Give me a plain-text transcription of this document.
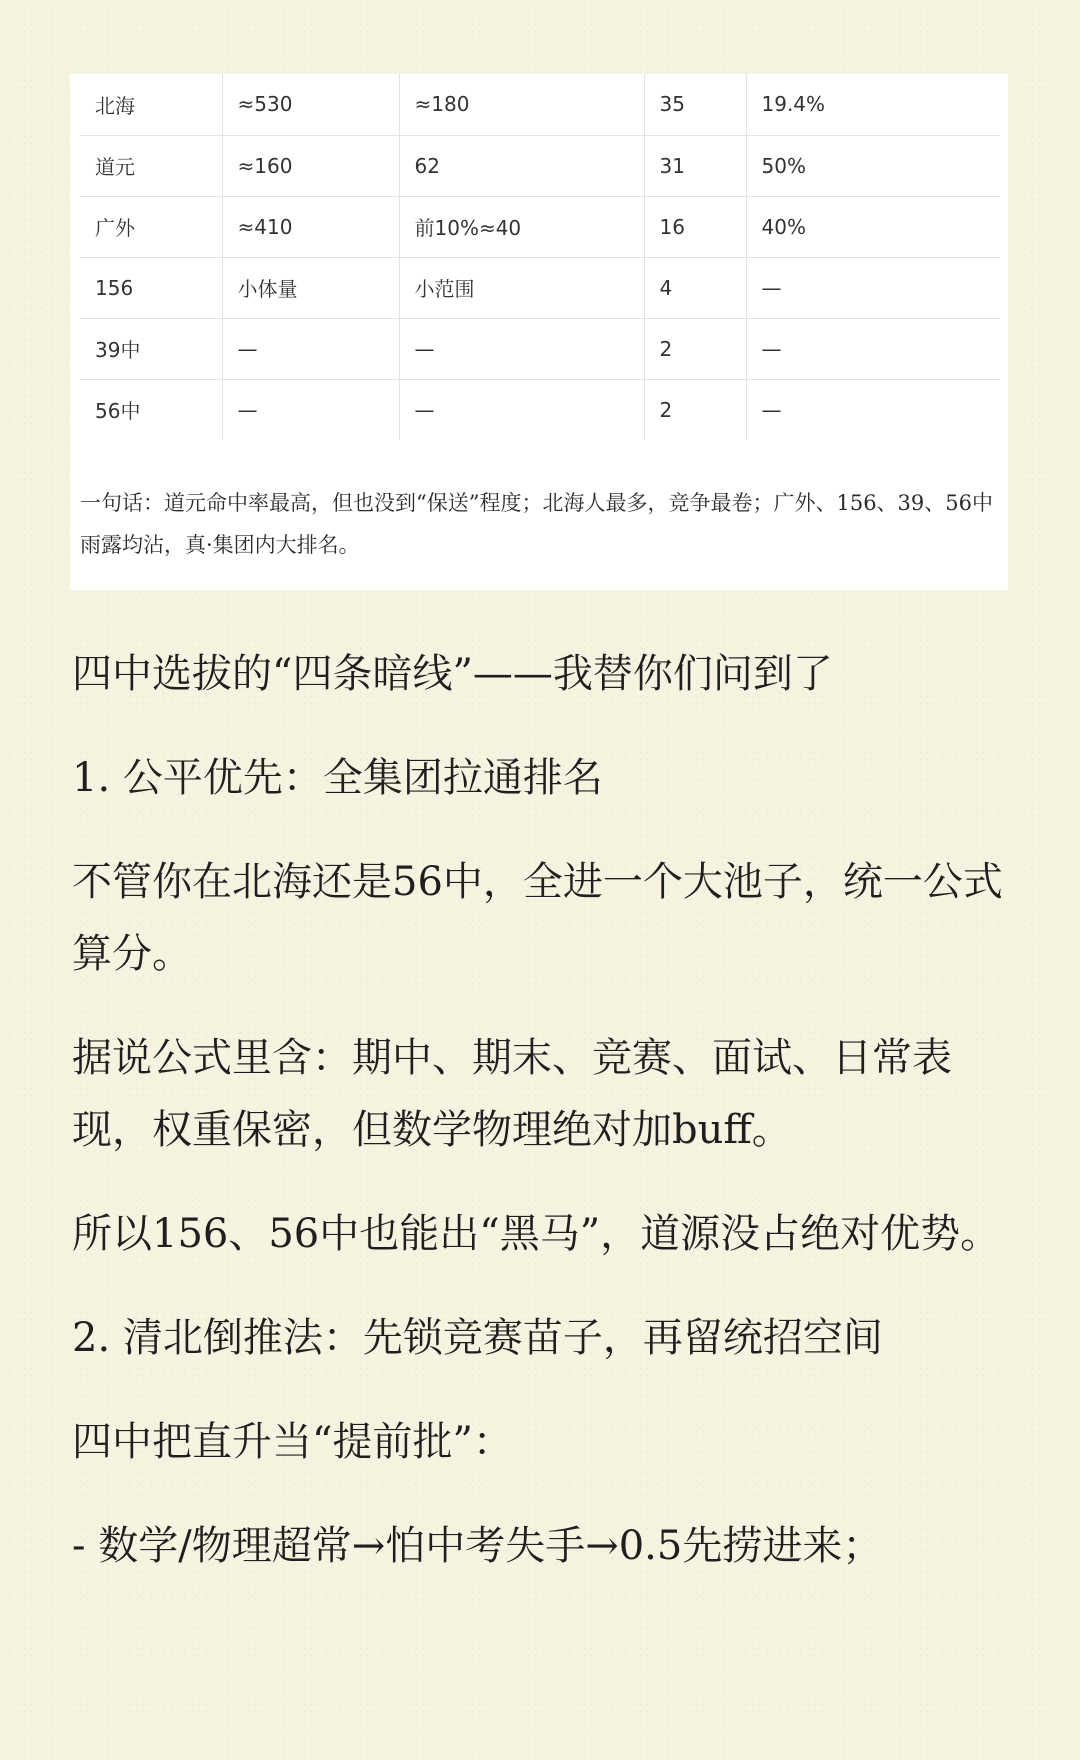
北海	≈530	≈180	35	19.4%
道元	≈160	62	31	50%
广外	≈410	前10%≈40	16	40%
156	小体量	小范围	4	—
39中	—	—	2	—
56中	—	—	2	—

一句话：道元命中率最高，但也没到“保送”程度；北海人最多，竞争最卷；广外、156、39、56中雨露均沾，真·集团内大排名。

四中选拔的“四条暗线”——我替你们问到了

1. 公平优先：全集团拉通排名

不管你在北海还是56中，全进一个大池子，统一公式算分。

据说公式里含：期中、期末、竞赛、面试、日常表现，权重保密，但数学物理绝对加buff。

所以156、56中也能出“黑马”，道源没占绝对优势。

2. 清北倒推法：先锁竞赛苗子，再留统招空间

四中把直升当“提前批”：

- 数学/物理超常→怕中考失手→0.5先捞进来；
